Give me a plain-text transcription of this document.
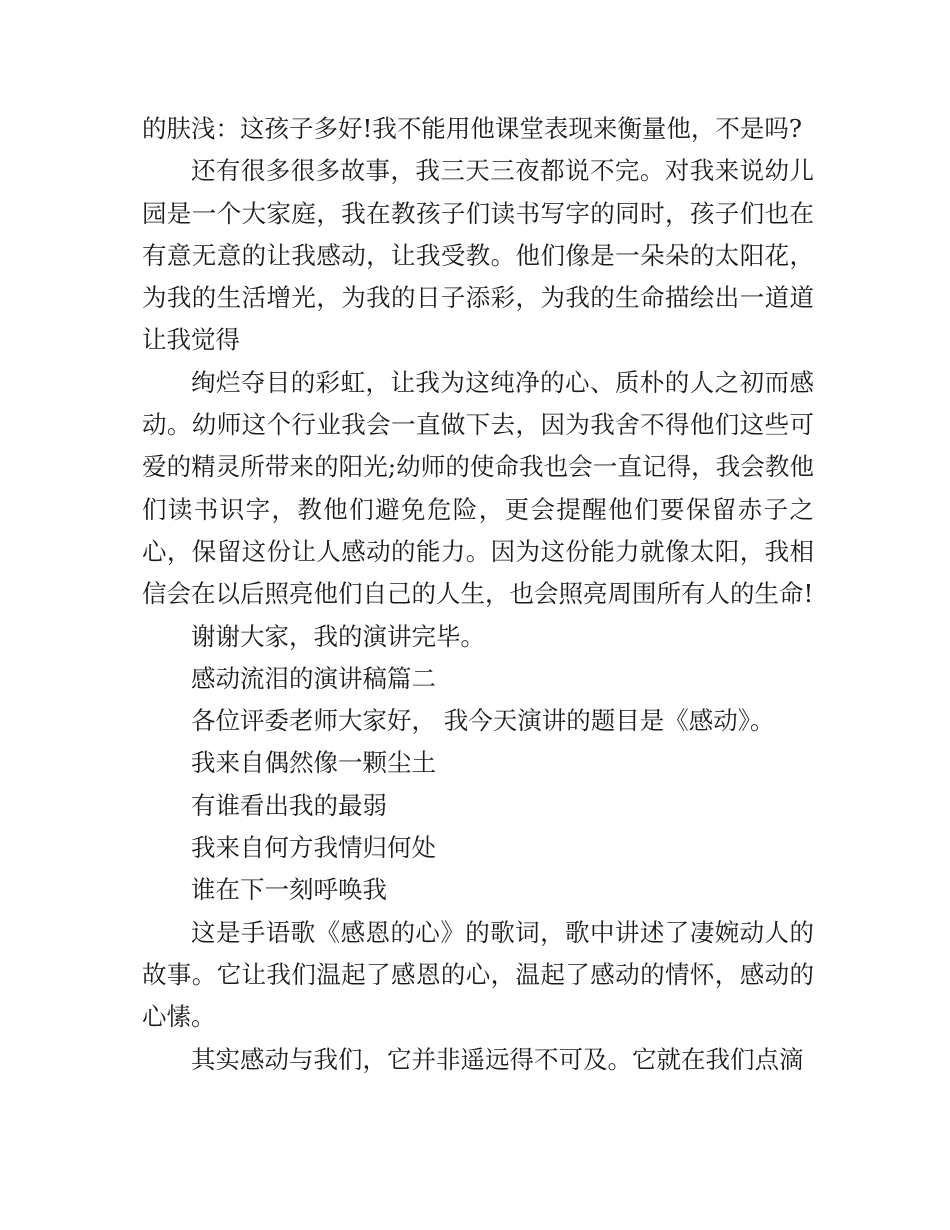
的肤浅：这孩子多好!我不能用他课堂表现来衡量他，不是吗?

还有很多很多故事，我三天三夜都说不完。对我来说幼儿园是一个大家庭，我在教孩子们读书写字的同时，孩子们也在有意无意的让我感动，让我受教。他们像是一朵朵的太阳花，为我的生活增光，为我的日子添彩，为我的生命描绘出一道道让我觉得

绚烂夺目的彩虹，让我为这纯净的心、质朴的人之初而感动。幼师这个行业我会一直做下去，因为我舍不得他们这些可爱的精灵所带来的阳光;幼师的使命我也会一直记得，我会教他们读书识字，教他们避免危险，更会提醒他们要保留赤子之心，保留这份让人感动的能力。因为这份能力就像太阳，我相信会在以后照亮他们自己的人生，也会照亮周围所有人的生命!

谢谢大家，我的演讲完毕。

感动流泪的演讲稿篇二

各位评委老师大家好， 我今天演讲的题目是《感动》。

我来自偶然像一颗尘土

有谁看出我的最弱

我来自何方我情归何处

谁在下一刻呼唤我

这是手语歌《感恩的心》的歌词，歌中讲述了凄婉动人的故事。它让我们温起了感恩的心，温起了感动的情怀，感动的心愫。

其实感动与我们，它并非遥远得不可及。它就在我们点滴
